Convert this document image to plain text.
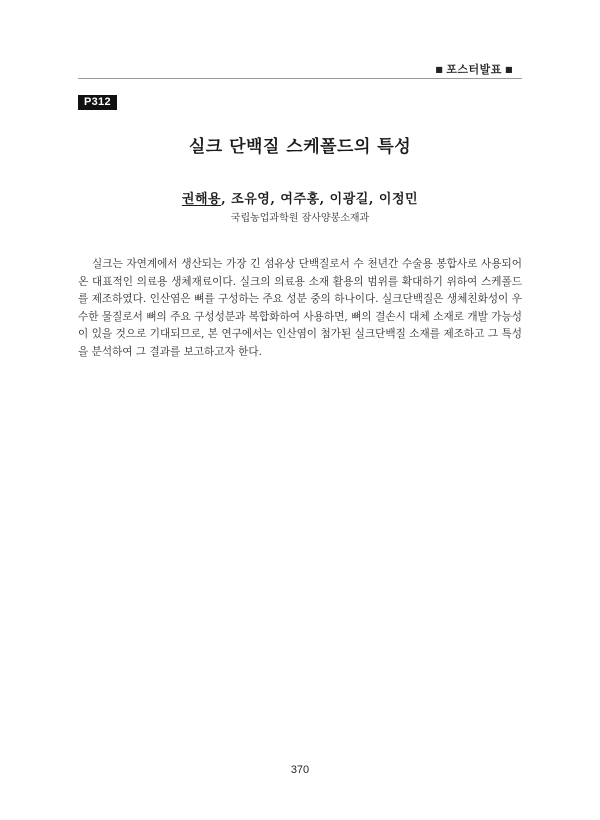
■ 포스터발표 ■
P312
실크 단백질 스케폴드의 특성
권해용, 조유영, 여주홍, 이광길, 이정민
국립농업과학원 잠사양봉소재과

실크는 자연계에서 생산되는 가장 긴 섬유상 단백질로서 수 천년간 수술용 봉합사로 사용되어 온 대표적인 의료용 생체재료이다. 실크의 의료용 소재 활용의 범위를 확대하기 위하여 스케폴드를 제조하였다. 인산염은 뼈를 구성하는 주요 성분 중의 하나이다. 실크단백질은 생체친화성이 우수한 물질로서 뼈의 주요 구성성분과 복합화하여 사용하면, 뼈의 결손시 대체 소재로 개발 가능성이 있을 것으로 기대되므로, 본 연구에서는 인산염이 첨가된 실크단백질 소재를 제조하고 그 특성을 분석하여 그 결과를 보고하고자 한다.

370
